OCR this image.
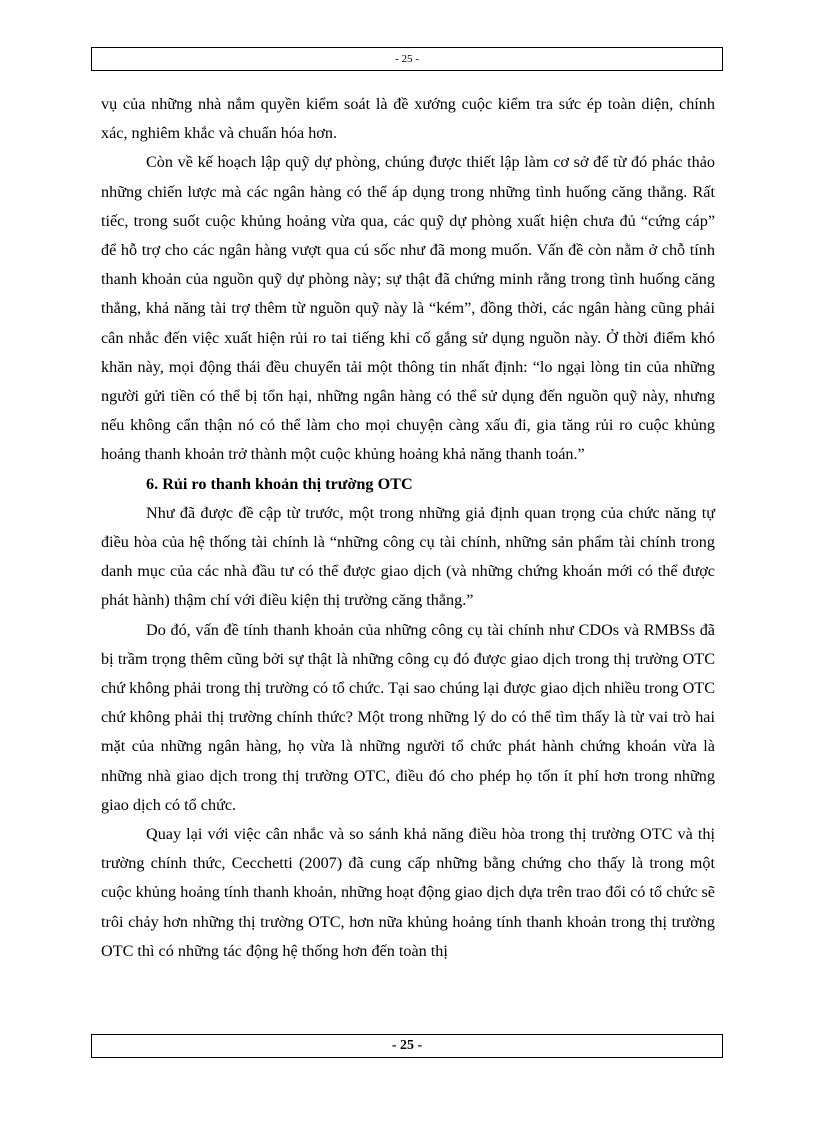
- 25 -

vụ của những nhà nắm quyền kiểm soát là đề xướng cuộc kiểm tra sức ép toàn diện, chính xác, nghiêm khắc và chuẩn hóa hơn.

Còn về kế hoạch lập quỹ dự phòng, chúng được thiết lập làm cơ sở để từ đó phác thảo những chiến lược mà các ngân hàng có thể áp dụng trong những tình huống căng thẳng. Rất tiếc, trong suốt cuộc khủng hoảng vừa qua, các quỹ dự phòng xuất hiện chưa đủ “cứng cáp” để hỗ trợ cho các ngân hàng vượt qua cú sốc như đã mong muốn. Vấn đề còn nằm ở chỗ tính thanh khoản của nguồn quỹ dự phòng này; sự thật đã chứng minh rằng trong tình huống căng thẳng, khả năng tài trợ thêm từ nguồn quỹ này là “kém”, đồng thời, các ngân hàng cũng phải cân nhắc đến việc xuất hiện rủi ro tai tiếng khi cố gắng sử dụng nguồn này. Ở thời điểm khó khăn này, mọi động thái đều chuyển tải một thông tin nhất định: “lo ngại lòng tin của những người gửi tiền có thể bị tổn hại, những ngân hàng có thể sử dụng đến nguồn quỹ này, nhưng nếu không cẩn thận nó có thể làm cho mọi chuyện càng xấu đi, gia tăng rủi ro cuộc khủng hoảng thanh khoản trở thành một cuộc khủng hoảng khả năng thanh toán.”

6. Rủi ro thanh khoản thị trường OTC

Như đã được đề cập từ trước, một trong những giả định quan trọng của chức năng tự điều hòa của hệ thống tài chính là “những công cụ tài chính, những sản phẩm tài chính trong danh mục của các nhà đầu tư có thể được giao dịch (và những chứng khoán mới có thể được phát hành) thậm chí với điều kiện thị trường căng thẳng.”

Do đó, vấn đề tính thanh khoản của những công cụ tài chính như CDOs và RMBSs đã bị trầm trọng thêm cũng bởi sự thật là những công cụ đó được giao dịch trong thị trường OTC chứ không phải trong thị trường có tổ chức. Tại sao chúng lại được giao dịch nhiều trong OTC chứ không phải thị trường chính thức? Một trong những lý do có thể tìm thấy là từ vai trò hai mặt của những ngân hàng, họ vừa là những người tổ chức phát hành chứng khoán vừa là những nhà giao dịch trong thị trường OTC, điều đó cho phép họ tốn ít phí hơn trong những giao dịch có tổ chức.

Quay lại với việc cân nhắc và so sánh khả năng điều hòa trong thị trường OTC và thị trường chính thức, Cecchetti (2007) đã cung cấp những bằng chứng cho thấy là trong một cuộc khủng hoảng tính thanh khoản, những hoạt động giao dịch dựa trên trao đổi có tổ chức sẽ trôi chảy hơn những thị trường OTC, hơn nữa khủng hoảng tính thanh khoản trong thị trường OTC thì có những tác động hệ thống hơn đến toàn thị

- 25 -
